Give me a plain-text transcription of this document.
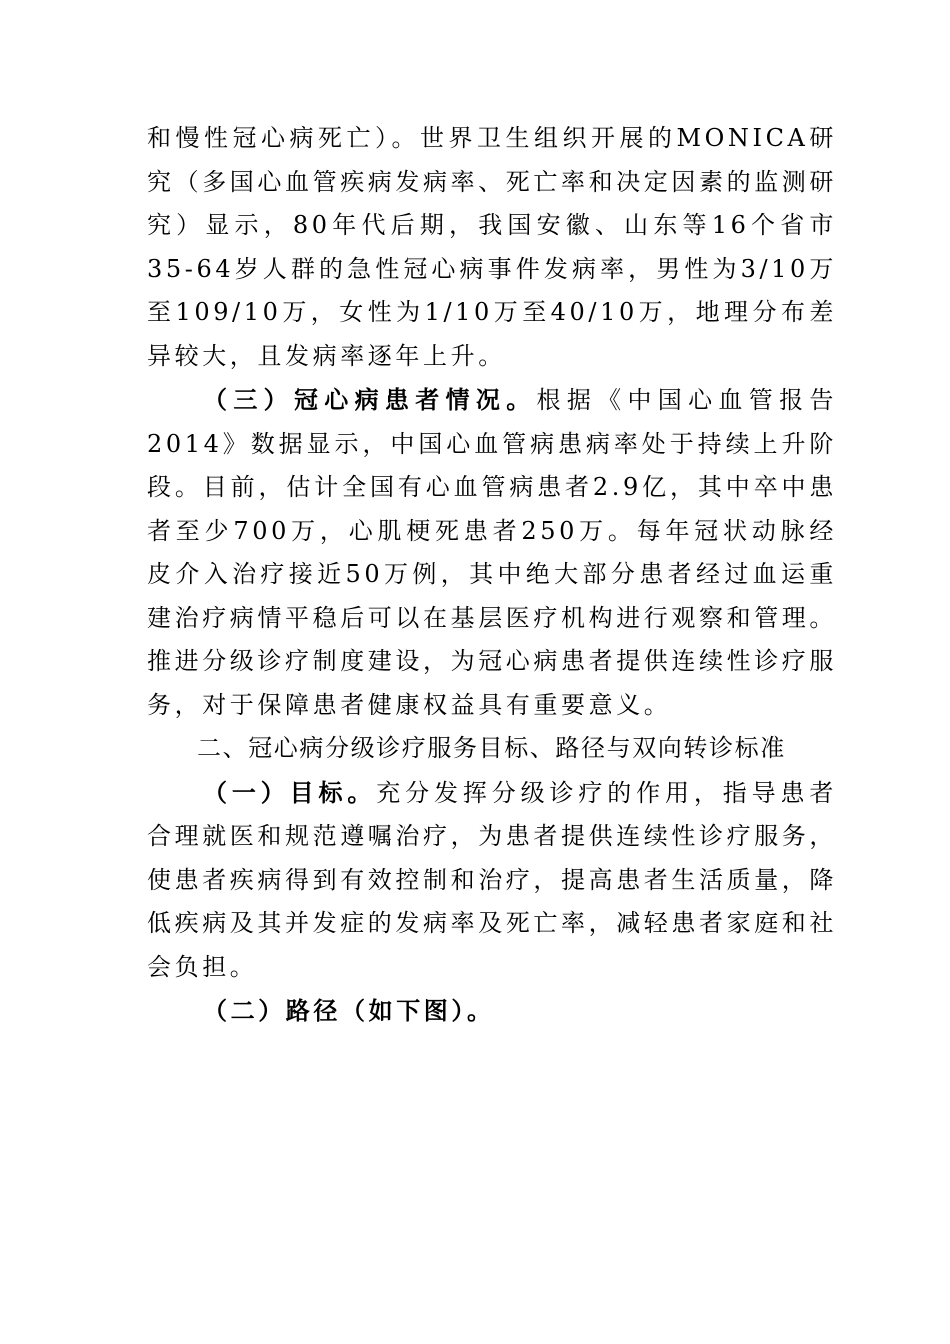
和慢性冠心病死亡）。世界卫生组织开展的MONICA研究（多国心血管疾病发病率、死亡率和决定因素的监测研究）显示，80年代后期，我国安徽、山东等16个省市35-64岁人群的急性冠心病事件发病率，男性为3/10万至109/10万，女性为1/10万至40/10万，地理分布差异较大，且发病率逐年上升。

（三）冠心病患者情况。根据《中国心血管报告2014》数据显示，中国心血管病患病率处于持续上升阶段。目前，估计全国有心血管病患者2.9亿，其中卒中患者至少700万，心肌梗死患者250万。每年冠状动脉经皮介入治疗接近50万例，其中绝大部分患者经过血运重建治疗病情平稳后可以在基层医疗机构进行观察和管理。推进分级诊疗制度建设，为冠心病患者提供连续性诊疗服务，对于保障患者健康权益具有重要意义。

二、冠心病分级诊疗服务目标、路径与双向转诊标准

（一）目标。充分发挥分级诊疗的作用，指导患者合理就医和规范遵嘱治疗，为患者提供连续性诊疗服务，使患者疾病得到有效控制和治疗，提高患者生活质量，降低疾病及其并发症的发病率及死亡率，减轻患者家庭和社会负担。

（二）路径（如下图）。
